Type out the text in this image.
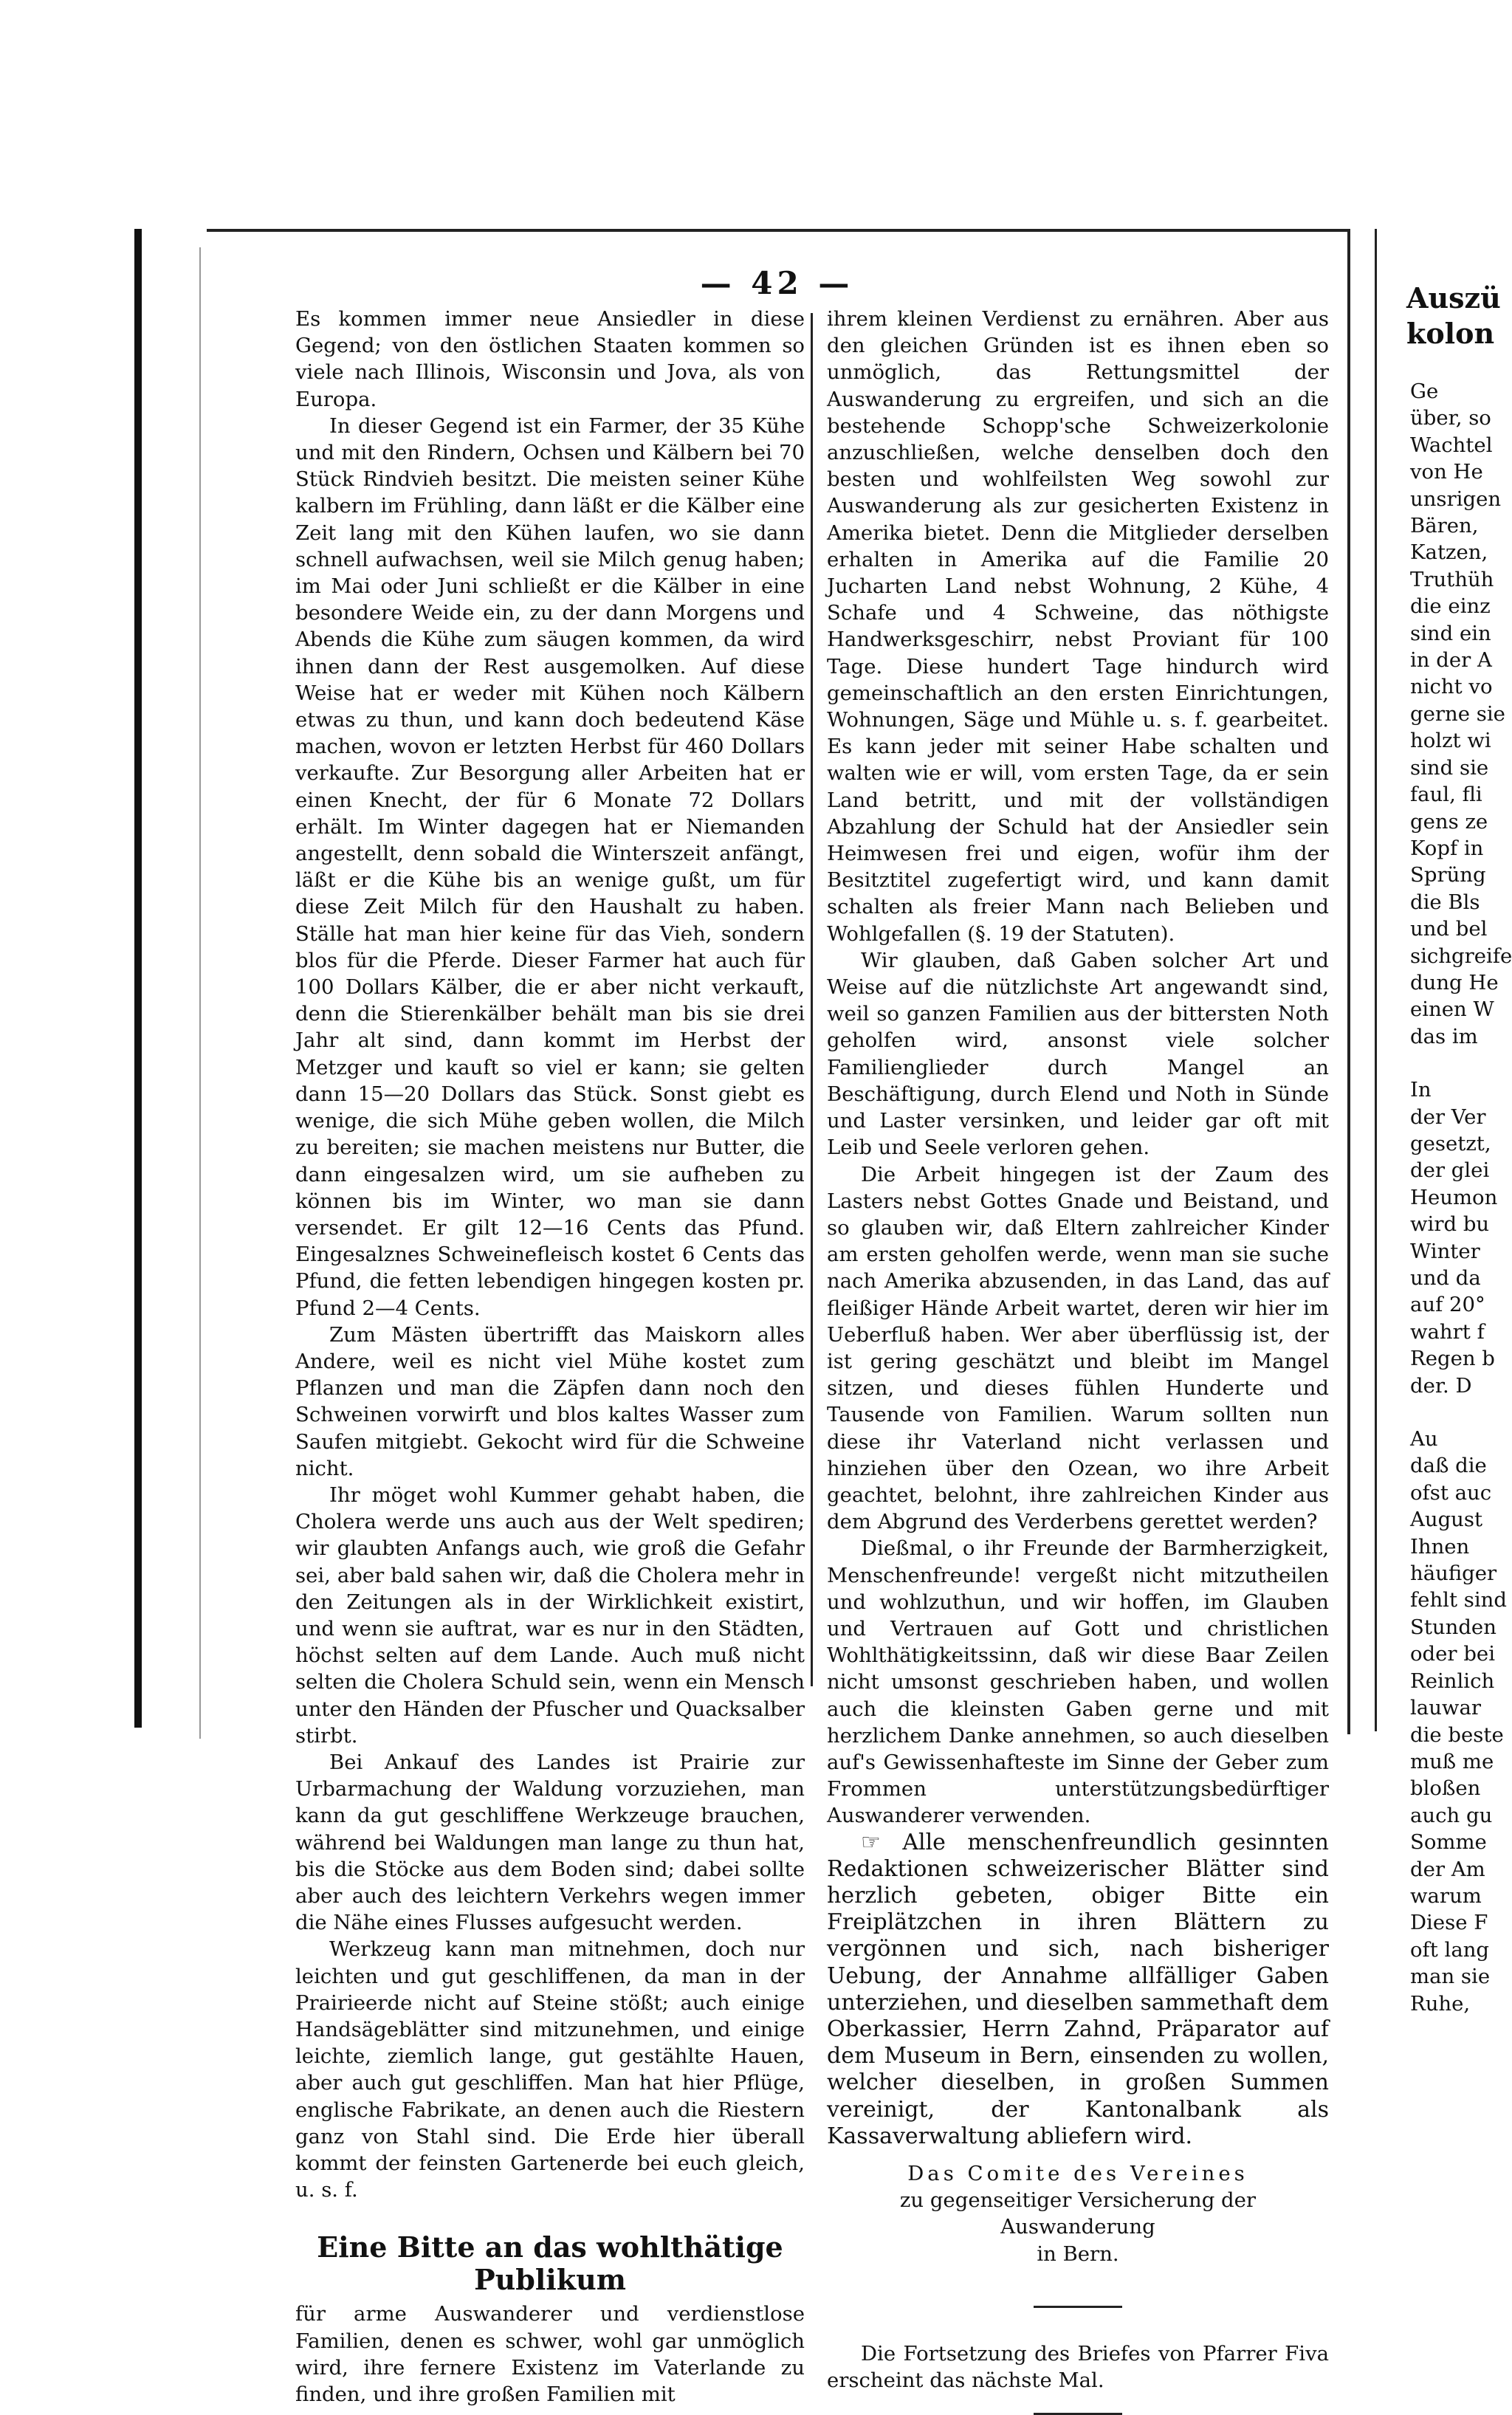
— 42 —

Es kommen immer neue Ansiedler in diese Gegend; von den östlichen Staaten kommen so viele nach Illinois, Wisconsin und Jova, als von Europa.

In dieser Gegend ist ein Farmer, der 35 Kühe und mit den Rindern, Ochsen und Kälbern bei 70 Stück Rindvieh besitzt. Die meisten seiner Kühe kalbern im Frühling, dann läßt er die Kälber eine Zeit lang mit den Kühen laufen, wo sie dann schnell aufwachsen, weil sie Milch genug haben; im Mai oder Juni schließt er die Kälber in eine besondere Weide ein, zu der dann Morgens und Abends die Kühe zum säugen kommen, da wird ihnen dann der Rest ausgemolken. Auf diese Weise hat er weder mit Kühen noch Kälbern etwas zu thun, und kann doch bedeutend Käse machen, wovon er letzten Herbst für 460 Dollars verkaufte. Zur Besorgung aller Arbeiten hat er einen Knecht, der für 6 Monate 72 Dollars erhält. Im Winter dagegen hat er Niemanden angestellt, denn sobald die Winterszeit anfängt, läßt er die Kühe bis an wenige gußt, um für diese Zeit Milch für den Haushalt zu haben. Ställe hat man hier keine für das Vieh, sondern blos für die Pferde. Dieser Farmer hat auch für 100 Dollars Kälber, die er aber nicht verkauft, denn die Stierenkälber behält man bis sie drei Jahr alt sind, dann kommt im Herbst der Metzger und kauft so viel er kann; sie gelten dann 15—20 Dollars das Stück. Sonst giebt es wenige, die sich Mühe geben wollen, die Milch zu bereiten; sie machen meistens nur Butter, die dann eingesalzen wird, um sie aufheben zu können bis im Winter, wo man sie dann versendet. Er gilt 12—16 Cents das Pfund. Eingesalznes Schweinefleisch kostet 6 Cents das Pfund, die fetten lebendigen hingegen kosten pr. Pfund 2—4 Cents.

Zum Mästen übertrifft das Maiskorn alles Andere, weil es nicht viel Mühe kostet zum Pflanzen und man die Zäpfen dann noch den Schweinen vorwirft und blos kaltes Wasser zum Saufen mitgiebt. Gekocht wird für die Schweine nicht.

Ihr möget wohl Kummer gehabt haben, die Cholera werde uns auch aus der Welt spediren; wir glaubten Anfangs auch, wie groß die Gefahr sei, aber bald sahen wir, daß die Cholera mehr in den Zeitungen als in der Wirklichkeit existirt, und wenn sie auftrat, war es nur in den Städten, höchst selten auf dem Lande. Auch muß nicht selten die Cholera Schuld sein, wenn ein Mensch unter den Händen der Pfuscher und Quacksalber stirbt.

Bei Ankauf des Landes ist Prairie zur Urbarmachung der Waldung vorzuziehen, man kann da gut geschliffene Werkzeuge brauchen, während bei Waldungen man lange zu thun hat, bis die Stöcke aus dem Boden sind; dabei sollte aber auch des leichtern Verkehrs wegen immer die Nähe eines Flusses aufgesucht werden.

Werkzeug kann man mitnehmen, doch nur leichten und gut geschliffenen, da man in der Prairieerde nicht auf Steine stößt; auch einige Handsägeblätter sind mitzunehmen, und einige leichte, ziemlich lange, gut gestählte Hauen, aber auch gut geschliffen. Man hat hier Pflüge, englische Fabrikate, an denen auch die Riestern ganz von Stahl sind. Die Erde hier überall kommt der feinsten Gartenerde bei euch gleich, u. s. f.

Eine Bitte an das wohlthätige Publikum

für arme Auswanderer und verdienstlose Familien, denen es schwer, wohl gar unmöglich wird, ihre fernere Existenz im Vaterlande zu finden, und ihre großen Familien mit

ihrem kleinen Verdienst zu ernähren. Aber aus den gleichen Gründen ist es ihnen eben so unmöglich, das Rettungsmittel der Auswanderung zu ergreifen, und sich an die bestehende Schopp'sche Schweizerkolonie anzuschließen, welche denselben doch den besten und wohlfeilsten Weg sowohl zur Auswanderung als zur gesicherten Existenz in Amerika bietet. Denn die Mitglieder derselben erhalten in Amerika auf die Familie 20 Jucharten Land nebst Wohnung, 2 Kühe, 4 Schafe und 4 Schweine, das nöthigste Handwerksgeschirr, nebst Proviant für 100 Tage. Diese hundert Tage hindurch wird gemeinschaftlich an den ersten Einrichtungen, Wohnungen, Säge und Mühle u. s. f. gearbeitet. Es kann jeder mit seiner Habe schalten und walten wie er will, vom ersten Tage, da er sein Land betritt, und mit der vollständigen Abzahlung der Schuld hat der Ansiedler sein Heimwesen frei und eigen, wofür ihm der Besitztitel zugefertigt wird, und kann damit schalten als freier Mann nach Belieben und Wohlgefallen (§. 19 der Statuten).

Wir glauben, daß Gaben solcher Art und Weise auf die nützlichste Art angewandt sind, weil so ganzen Familien aus der bittersten Noth geholfen wird, ansonst viele solcher Familienglieder durch Mangel an Beschäftigung, durch Elend und Noth in Sünde und Laster versinken, und leider gar oft mit Leib und Seele verloren gehen.

Die Arbeit hingegen ist der Zaum des Lasters nebst Gottes Gnade und Beistand, und so glauben wir, daß Eltern zahlreicher Kinder am ersten geholfen werde, wenn man sie suche nach Amerika abzusenden, in das Land, das auf fleißiger Hände Arbeit wartet, deren wir hier im Ueberfluß haben. Wer aber überflüssig ist, der ist gering geschätzt und bleibt im Mangel sitzen, und dieses fühlen Hunderte und Tausende von Familien. Warum sollten nun diese ihr Vaterland nicht verlassen und hinziehen über den Ozean, wo ihre Arbeit geachtet, belohnt, ihre zahlreichen Kinder aus dem Abgrund des Verderbens gerettet werden?

Dießmal, o ihr Freunde der Barmherzigkeit, Menschenfreunde! vergeßt nicht mitzutheilen und wohlzuthun, und wir hoffen, im Glauben und Vertrauen auf Gott und christlichen Wohlthätigkeitssinn, daß wir diese Baar Zeilen nicht umsonst geschrieben haben, und wollen auch die kleinsten Gaben gerne und mit herzlichem Danke annehmen, so auch dieselben auf's Gewissenhafteste im Sinne der Geber zum Frommen unterstützungsbedürftiger Auswanderer verwenden.

☞ Alle menschenfreundlich gesinnten Redaktionen schweizerischer Blätter sind herzlich gebeten, obiger Bitte ein Freiplätzchen in ihren Blättern zu vergönnen und sich, nach bisheriger Uebung, der Annahme allfälliger Gaben unterziehen, und dieselben sammethaft dem Oberkassier, Herrn Zahnd, Präparator auf dem Museum in Bern, einsenden zu wollen, welcher dieselben, in großen Summen vereinigt, der Kantonalbank als Kassaverwaltung abliefern wird.

Das Comite des Vereines
zu gegenseitiger Versicherung der Auswanderung
in Bern.

Die Fortsetzung des Briefes von Pfarrer Fiva erscheint das nächste Mal.

Auszü
kolon
Ge
über, so
Wachtel
von He
unsrigen
Bären,
Katzen,
Truthüh
die einz
sind ein
in der A
nicht vo
gerne sie
holzt wi
sind sie
faul, fli
gens ze
Kopf in
Sprüng
die Bls
und bel
sichgreife
dung He
einen W
das im
In
der Ver
gesetzt,
der glei
Heumon
wird bu
Winter
und da
auf 20°
wahrt f
Regen b
der. D
Au
daß die
ofst auc
August
Ihnen
häufiger
fehlt sind
Stunden
oder bei
Reinlich
lauwar
die beste
muß me
bloßen
auch gu
Somme
der Am
warum
Diese F
oft lang
man sie
Ruhe,
